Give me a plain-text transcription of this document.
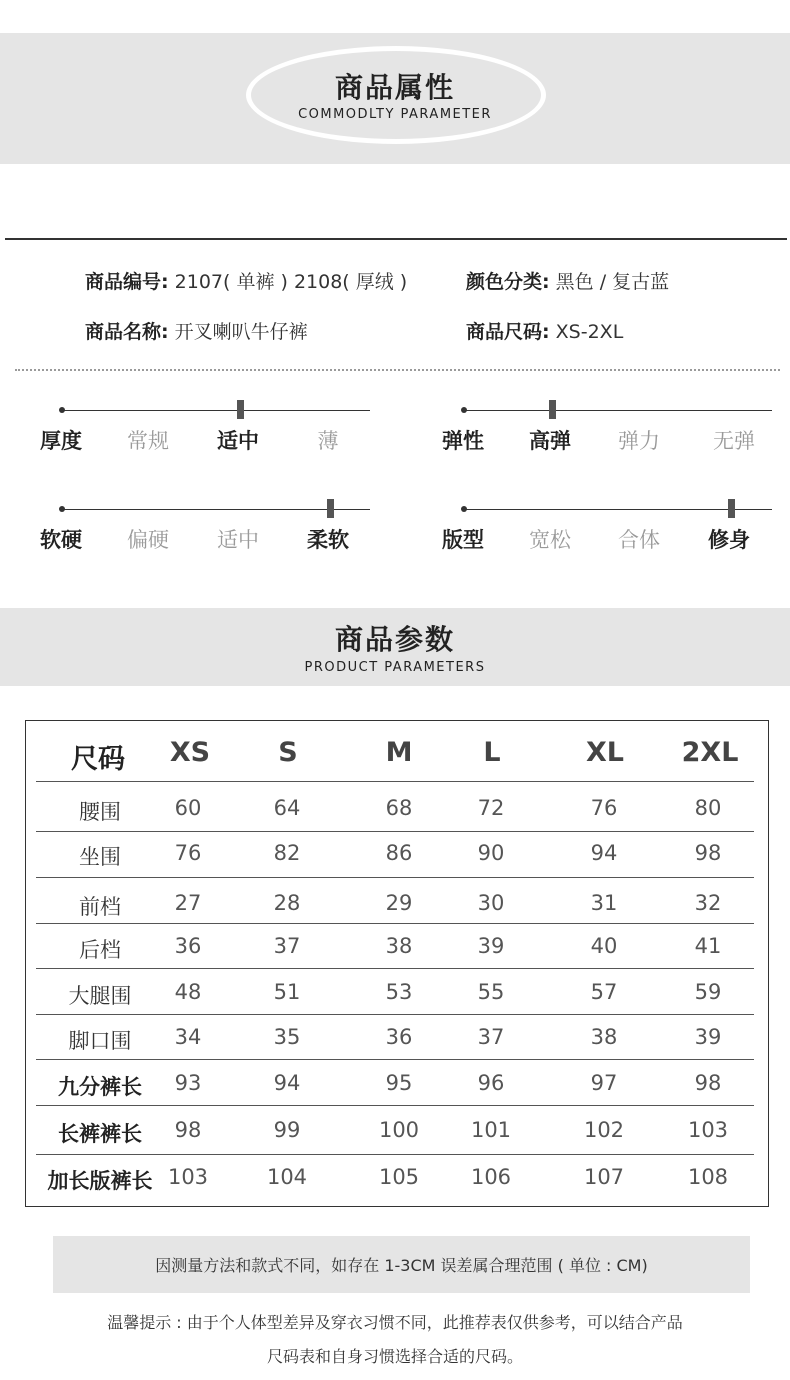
商品属性
COMMODLTY PARAMETER
商品编号: 2107( 单裤 ) 2108( 厚绒 )	颜色分类: 黑色 / 复古蓝
商品名称: 开叉喇叭牛仔裤	商品尺码: XS-2XL
厚度	常规	适中	薄	弹性	高弹	弹力	无弹
软硬	偏硬	适中	柔软	版型	宽松	合体	修身
商品参数
PRODUCT PARAMETERS
尺码	XS	S	M	L	XL	2XL
腰围	60	64	68	72	76	80
坐围	76	82	86	90	94	98
前档	27	28	29	30	31	32
后档	36	37	38	39	40	41
大腿围	48	51	53	55	57	59
脚口围	34	35	36	37	38	39
九分裤长	93	94	95	96	97	98
长裤裤长	98	99	100	101	102	103
加长版裤长 103	104	105	106	107	108
因测量方法和款式不同，如存在 1-3CM 误差属合理范围 ( 单位 : CM)
温馨提示 : 由于个人体型差异及穿衣习惯不同，此推荐表仅供参考，可以结合产品
尺码表和自身习惯选择合适的尺码。
